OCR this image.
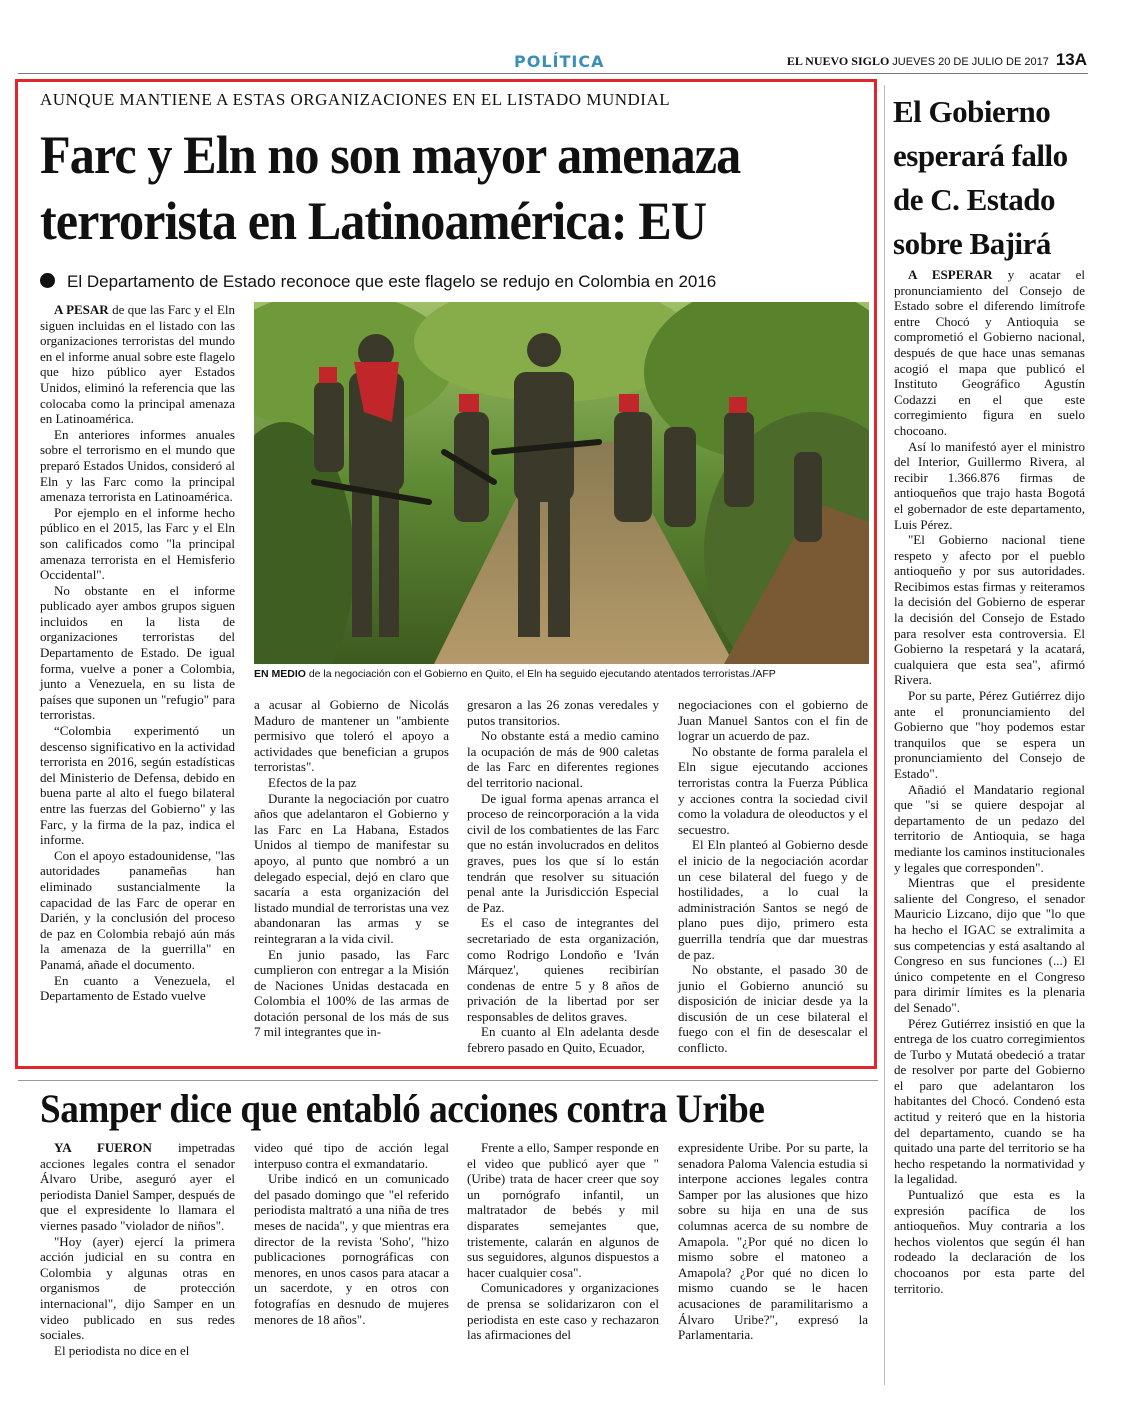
POLÍTICA	EL NUEVO SIGLO JUEVES 20 DE JULIO DE 2017 13A
AUNQUE MANTIENE A ESTAS ORGANIZACIONES EN EL LISTADO MUNDIAL
Farc y Eln no son mayor amenaza
terrorista en Latinoamérica: EU
El Departamento de Estado reconoce que este flagelo se redujo en Colombia en 2016

A PESAR de que las Farc y el Eln siguen incluidas en el listado con las organizaciones terroristas del mundo en el informe anual sobre este flagelo que hizo público ayer Estados Unidos, eliminó la referencia que las colocaba como la principal amenaza en Latinoamérica.

En anteriores informes anuales sobre el terrorismo en el mundo que preparó Estados Unidos, consideró al Eln y las Farc como la principal amenaza terrorista en Latinoamérica.

Por ejemplo en el informe hecho público en el 2015, las Farc y el Eln son calificados como "la principal amenaza terrorista en el Hemisferio Occidental".

No obstante en el informe publicado ayer ambos grupos siguen incluidos en la lista de organizaciones terroristas del Departamento de Estado. De igual forma, vuelve a poner a Colombia, junto a Venezuela, en su lista de países que suponen un "refugio" para terroristas.

“Colombia experimentó un descenso significativo en la actividad terrorista en 2016, según estadísticas del Ministerio de Defensa, debido en buena parte al alto el fuego bilateral entre las fuerzas del Gobierno" y las Farc, y la firma de la paz, indica el informe.

Con el apoyo estadounidense, "las autoridades panameñas han eliminado sustancialmente la capacidad de las Farc de operar en Darién, y la conclusión del proceso de paz en Colombia rebajó aún más la amenaza de la guerrilla" en Panamá, añade el documento.

En cuanto a Venezuela, el Departamento de Estado vuelve

EN MEDIO de la negociación con el Gobierno en Quito, el Eln ha seguido ejecutando atentados terroristas./AFP

a acusar al Gobierno de Nicolás Maduro de mantener un "ambiente permisivo que toleró el apoyo a actividades que benefician a grupos terroristas".

Efectos de la paz

Durante la negociación por cuatro años que adelantaron el Gobierno y las Farc en La Habana, Estados Unidos al tiempo de manifestar su apoyo, al punto que nombró a un delegado especial, dejó en claro que sacaría a esta organización del listado mundial de terroristas una vez abandonaran las armas y se reintegraran a la vida civil.

En junio pasado, las Farc cumplieron con entregar a la Misión de Naciones Unidas destacada en Colombia el 100% de las armas de dotación personal de los más de sus 7 mil integrantes que in-

gresaron a las 26 zonas veredales y putos transitorios.

No obstante está a medio camino la ocupación de más de 900 caletas de las Farc en diferentes regiones del territorio nacional.

De igual forma apenas arranca el proceso de reincorporación a la vida civil de los combatientes de las Farc que no están involucrados en delitos graves, pues los que sí lo están tendrán que resolver su situación penal ante la Jurisdicción Especial de Paz.

Es el caso de integrantes del secretariado de esta organización, como Rodrigo Londoño e 'Iván Márquez', quienes recibirían condenas de entre 5 y 8 años de privación de la libertad por ser responsables de delitos graves.

En cuanto al Eln adelanta desde febrero pasado en Quito, Ecuador,

negociaciones con el gobierno de Juan Manuel Santos con el fin de lograr un acuerdo de paz.

No obstante de forma paralela el Eln sigue ejecutando acciones terroristas contra la Fuerza Pública y acciones contra la sociedad civil como la voladura de oleoductos y el secuestro.

El Eln planteó al Gobierno desde el inicio de la negociación acordar un cese bilateral del fuego y de hostilidades, a lo cual la administración Santos se negó de plano pues dijo, primero esta guerrilla tendría que dar muestras de paz.

No obstante, el pasado 30 de junio el Gobierno anunció su disposición de iniciar desde ya la discusión de un cese bilateral el fuego con el fin de desescalar el conflicto.

El Gobierno
esperará fallo
de C. Estado
sobre Bajirá

A ESPERAR y acatar el pronunciamiento del Consejo de Estado sobre el diferendo limítrofe entre Chocó y Antioquia se comprometió el Gobierno nacional, después de que hace unas semanas acogió el mapa que publicó el Instituto Geográfico Agustín Codazzi en el que este corregimiento figura en suelo chocoano.

Así lo manifestó ayer el ministro del Interior, Guillermo Rivera, al recibir 1.366.876 firmas de antioqueños que trajo hasta Bogotá el gobernador de este departamento, Luis Pérez.

"El Gobierno nacional tiene respeto y afecto por el pueblo antioqueño y por sus autoridades. Recibimos estas firmas y reiteramos la decisión del Gobierno de esperar la decisión del Consejo de Estado para resolver esta controversia. El Gobierno la respetará y la acatará, cualquiera que esta sea", afirmó Rivera.

Por su parte, Pérez Gutiérrez dijo ante el pronunciamiento del Gobierno que "hoy podemos estar tranquilos que se espera un pronunciamiento del Consejo de Estado".

Añadió el Mandatario regional que "si se quiere despojar al departamento de un pedazo del territorio de Antioquia, se haga mediante los caminos institucionales y legales que corresponden".

Mientras que el presidente saliente del Congreso, el senador Mauricio Lizcano, dijo que "lo que ha hecho el IGAC se extralimita a sus competencias y está asaltando al Congreso en sus funciones (...) El único competente en el Congreso para dirimir límites es la plenaria del Senado".

Pérez Gutiérrez insistió en que la entrega de los cuatro corregimientos de Turbo y Mutatá obedeció a tratar de resolver por parte del Gobierno el paro que adelantaron los habitantes del Chocó. Condenó esta actitud y reiteró que en la historia del departamento, cuando se ha quitado una parte del territorio se ha hecho respetando la normatividad y la legalidad.

Puntualizó que esta es la expresión pacífica de los antioqueños. Muy contraria a los hechos violentos que según él han rodeado la declaración de los chocoanos por esta parte del territorio.

Samper dice que entabló acciones contra Uribe

YA FUERON impetradas acciones legales contra el senador Álvaro Uribe, aseguró ayer el periodista Daniel Samper, después de que el expresidente lo llamara el viernes pasado "violador de niños".

"Hoy (ayer) ejercí la primera acción judicial en su contra en Colombia y algunas otras en organismos de protección internacional", dijo Samper en un video publicado en sus redes sociales.

El periodista no dice en el

video qué tipo de acción legal interpuso contra el exmandatario.

Uribe indicó en un comunicado del pasado domingo que "el referido periodista maltrató a una niña de tres meses de nacida", y que mientras era director de la revista 'Soho', "hizo publicaciones pornográficas con menores, en unos casos para atacar a un sacerdote, y en otros con fotografías en desnudo de mujeres menores de 18 años".

Frente a ello, Samper responde en el video que publicó ayer que "(Uribe) trata de hacer creer que soy un pornógrafo infantil, un maltratador de bebés y mil disparates semejantes que, tristemente, calarán en algunos de sus seguidores, algunos dispuestos a hacer cualquier cosa".

Comunicadores y organizaciones de prensa se solidarizaron con el periodista en este caso y rechazaron las afirmaciones del

expresidente Uribe. Por su parte, la senadora Paloma Valencia estudia si interpone acciones legales contra Samper por las alusiones que hizo sobre su hija en una de sus columnas acerca de su nombre de Amapola. "¿Por qué no dicen lo mismo sobre el matoneo a Amapola? ¿Por qué no dicen lo mismo cuando se le hacen acusaciones de paramilitarismo a Álvaro Uribe?", expresó la Parlamentaria.
